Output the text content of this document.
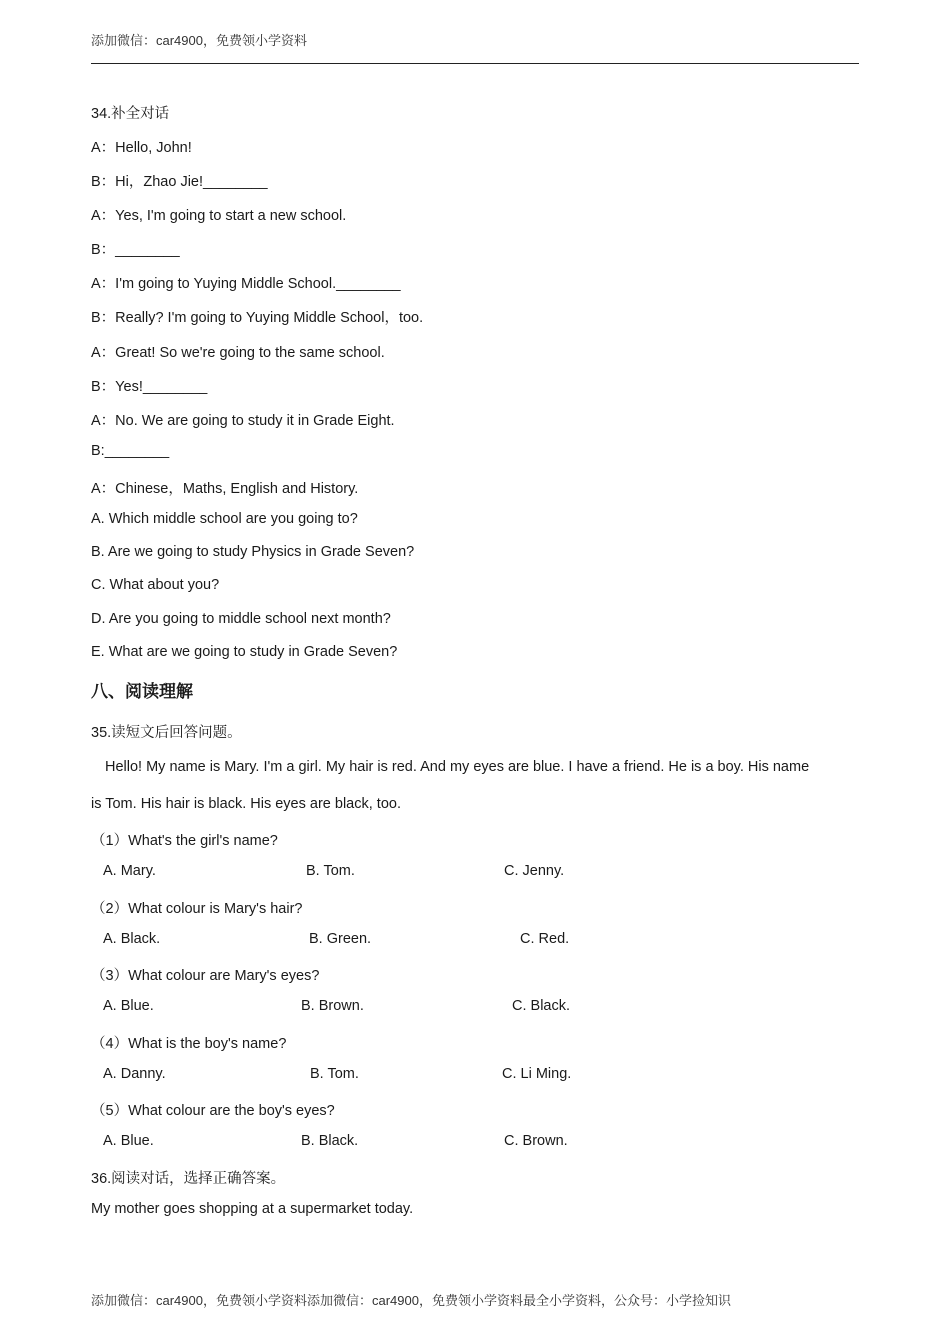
添加微信：car4900，免费领小学资料
34.补全对话
A：Hello, John!
B：Hi，Zhao Jie!________
A：Yes, I'm going to start a new school.
B：________
A：I'm going to Yuying Middle School.________
B：Really? I'm going to Yuying Middle School，too.
A：Great! So we're going to the same school.
B：Yes!________
A：No. We are going to study it in Grade Eight.
B:________
A：Chinese，Maths, English and History.
A. Which middle school are you going to?
B. Are we going to study Physics in Grade Seven?
C. What about you?
D. Are you going to middle school next month?
E. What are we going to study in Grade Seven?
八、阅读理解
35.读短文后回答问题。
Hello! My name is Mary. I'm a girl. My hair is red. And my eyes are blue. I have a friend. He is a boy. His name
is Tom. His hair is black. His eyes are black, too.
（1）What's the girl's name?
A. Mary.	B. Tom.	C. Jenny.
（2）What colour is Mary's hair?
A. Black.	B. Green.	C. Red.
（3）What colour are Mary's eyes?
A. Blue.	B. Brown.	C. Black.
（4）What is the boy's name?
A. Danny.	B. Tom.	C. Li Ming.
（5）What colour are the boy's eyes?
A. Blue.	B. Black.	C. Brown.
36.阅读对话，选择正确答案。
My mother goes shopping at a supermarket today.
添加微信：car4900，免费领小学资料添加微信：car4900，免费领小学资料最全小学资料，公众号：小学捡知识
